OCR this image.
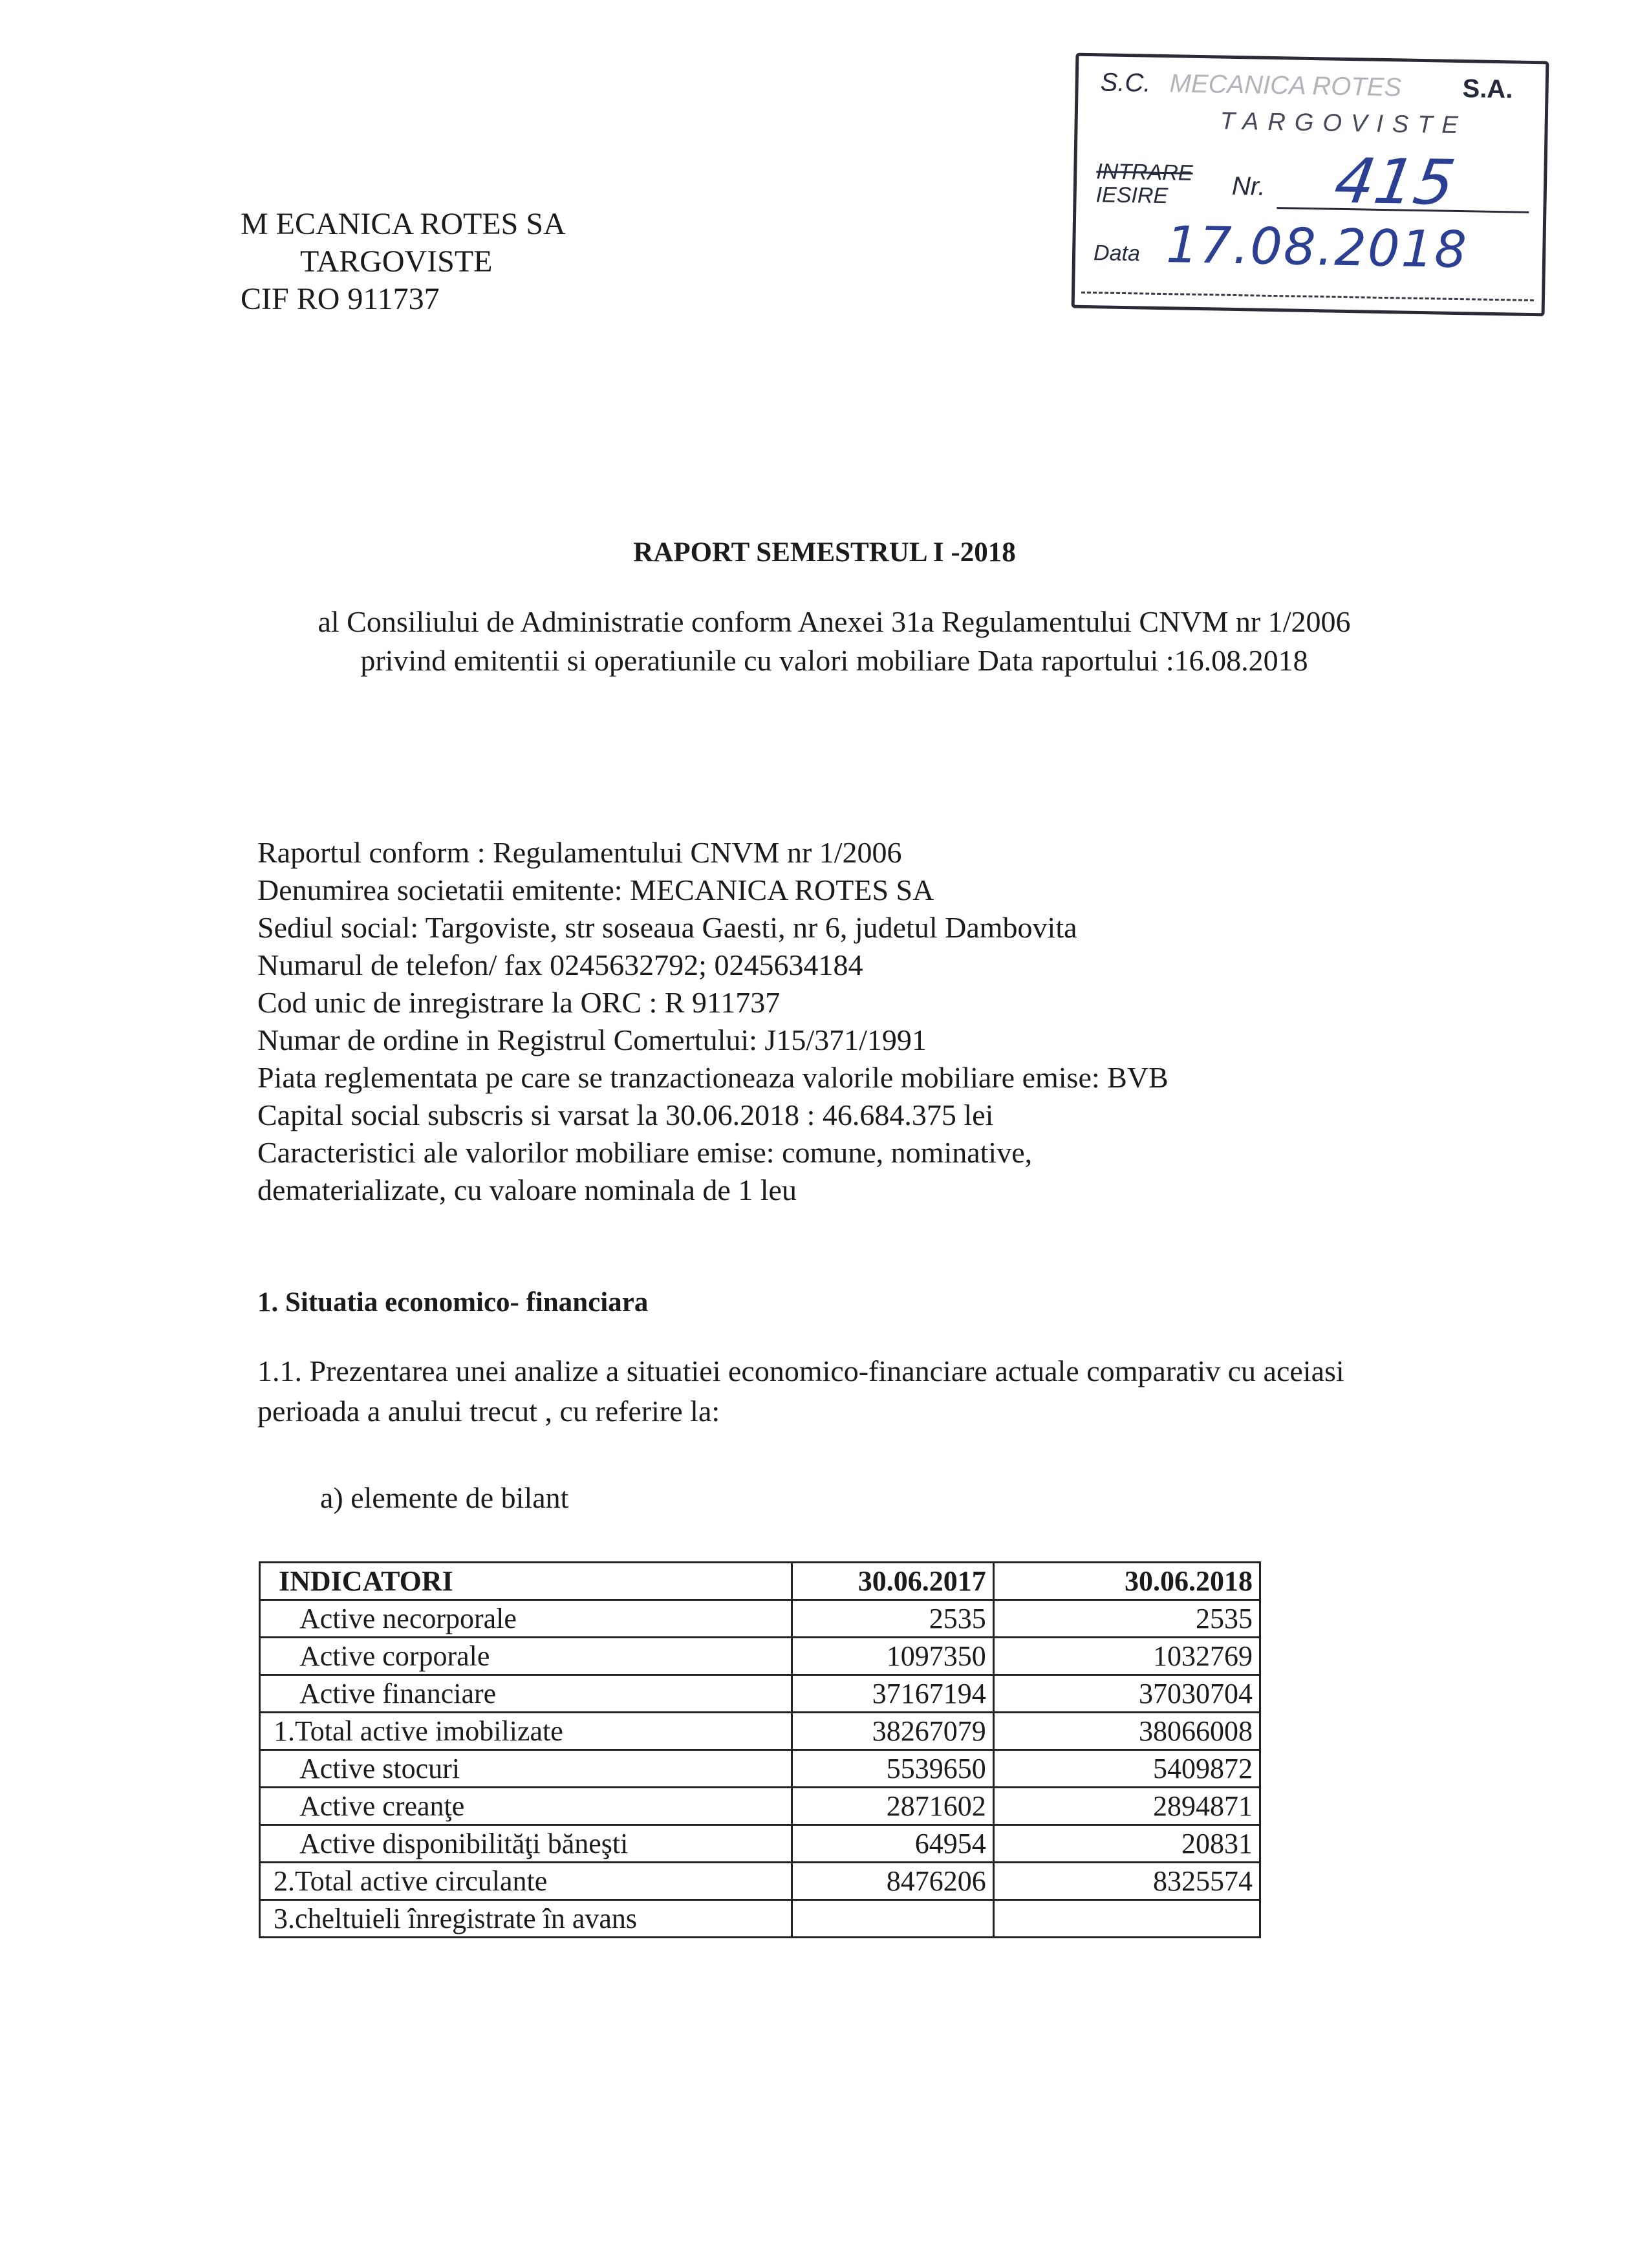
S.C. MECANICA ROTES S.A.
TARGOVISTE
INTRARE
IESIRE	Nr. 415
Data 17.08.2018
M ECANICA ROTES SA
TARGOVISTE
CIF RO 911737
RAPORT SEMESTRUL I -2018
al Consiliului de Administratie conform Anexei 31a Regulamentului CNVM nr 1/2006 privind emitentii si operatiunile cu valori mobiliare Data raportului :16.08.2018
Raportul conform : Regulamentului CNVM nr 1/2006
Denumirea societatii emitente: MECANICA ROTES SA
Sediul social: Targoviste, str soseaua Gaesti, nr 6, judetul Dambovita
Numarul de telefon/ fax 0245632792; 0245634184
Cod unic de inregistrare la ORC : R 911737
Numar de ordine in Registrul Comertului: J15/371/1991
Piata reglementata pe care se tranzactioneaza valorile mobiliare emise: BVB
Capital social subscris si varsat la 30.06.2018 : 46.684.375 lei
Caracteristici ale valorilor mobiliare emise: comune, nominative,
dematerializate, cu valoare nominala de 1 leu
1. Situatia economico- financiara
1.1. Prezentarea unei analize a situatiei economico-financiare actuale comparativ cu aceiasi perioada a anului trecut , cu referire la:
a) elemente de bilant
INDICATORI	30.06.2017	30.06.2018
Active necorporale	2535	2535
Active corporale	1097350	1032769
Active financiare	37167194	37030704
1.Total active imobilizate	38267079	38066008
Active stocuri	5539650	5409872
Active creanţe	2871602	2894871
Active disponibilităţi băneşti	64954	20831
2.Total active circulante	8476206	8325574
3.cheltuieli înregistrate în avans		
